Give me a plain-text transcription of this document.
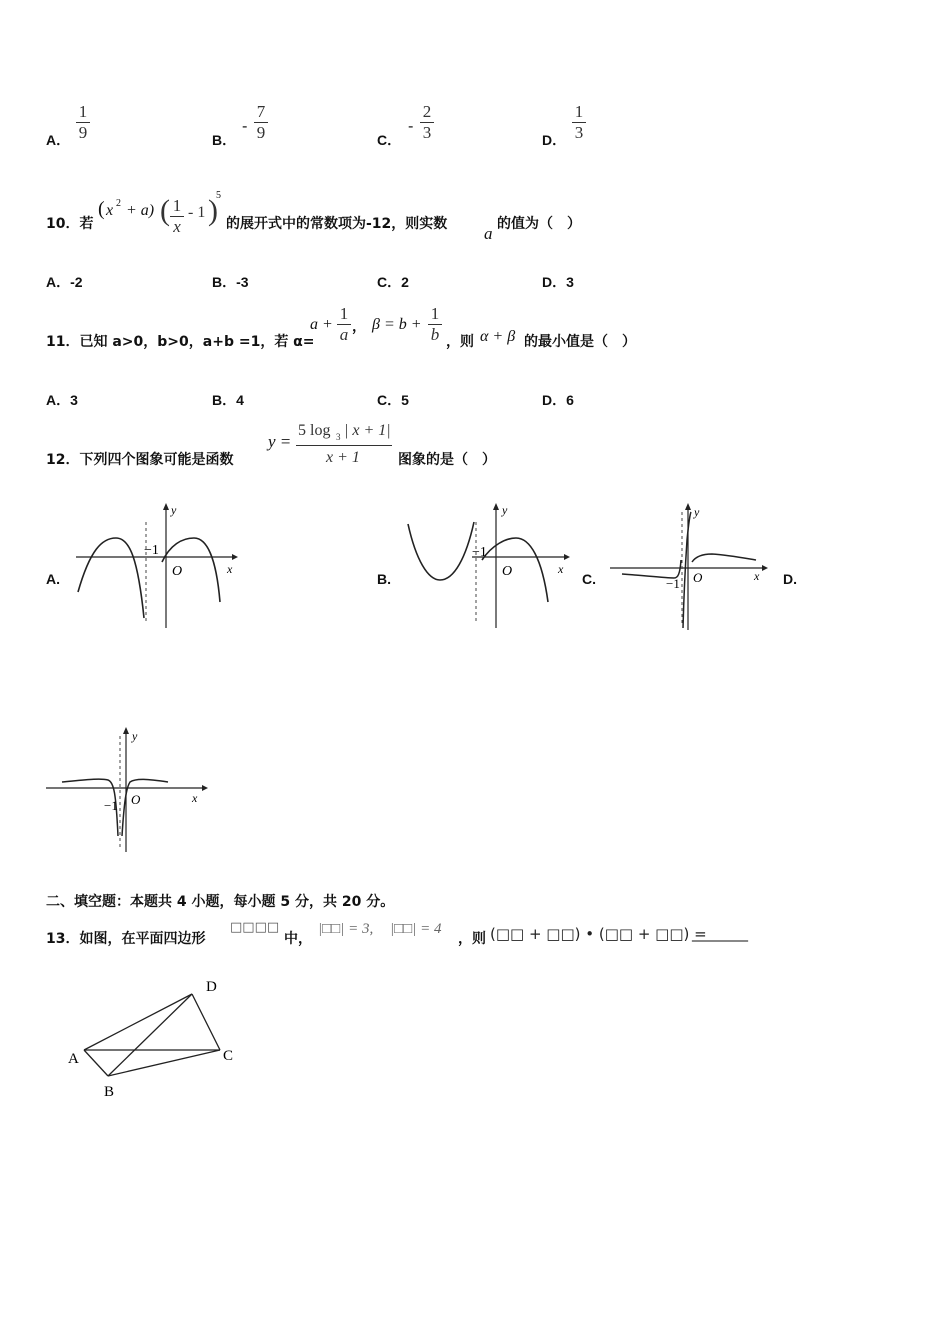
A．
1
9	B．
-
7
9	C．
-
2
3	D．
1
3
10．若
( x 2 + a) ( 1
x
- 1 )
5
的展开式中的常数项为-12，则实数 a 的值为（　）
A．-2	B．-3	C．2	D．3
11．已知 a>0，b>0，a+b =1，若 α=
a +
1
a ， β = b +
1
b ，则 α + β 的最小值是（　）
A．3	B．4	C．5	D．6
12．下列四个图象可能是函数
y =
5 log 3 | x + 1|
x + 1	图象的是（　）
A.	B.	C.	D.
y
x
O
−1
y
x
O
−1
y
x
O
−1
y
x
O
−1
二、填空题：本题共 4 小题，每小题 5 分，共 20 分。
13．如图，在平面四边形
□□□□
中，
|□□| = 3, |□□| = 4
，则 (□□ + □□) • (□□ + □□) =
________
A
B
C
D
